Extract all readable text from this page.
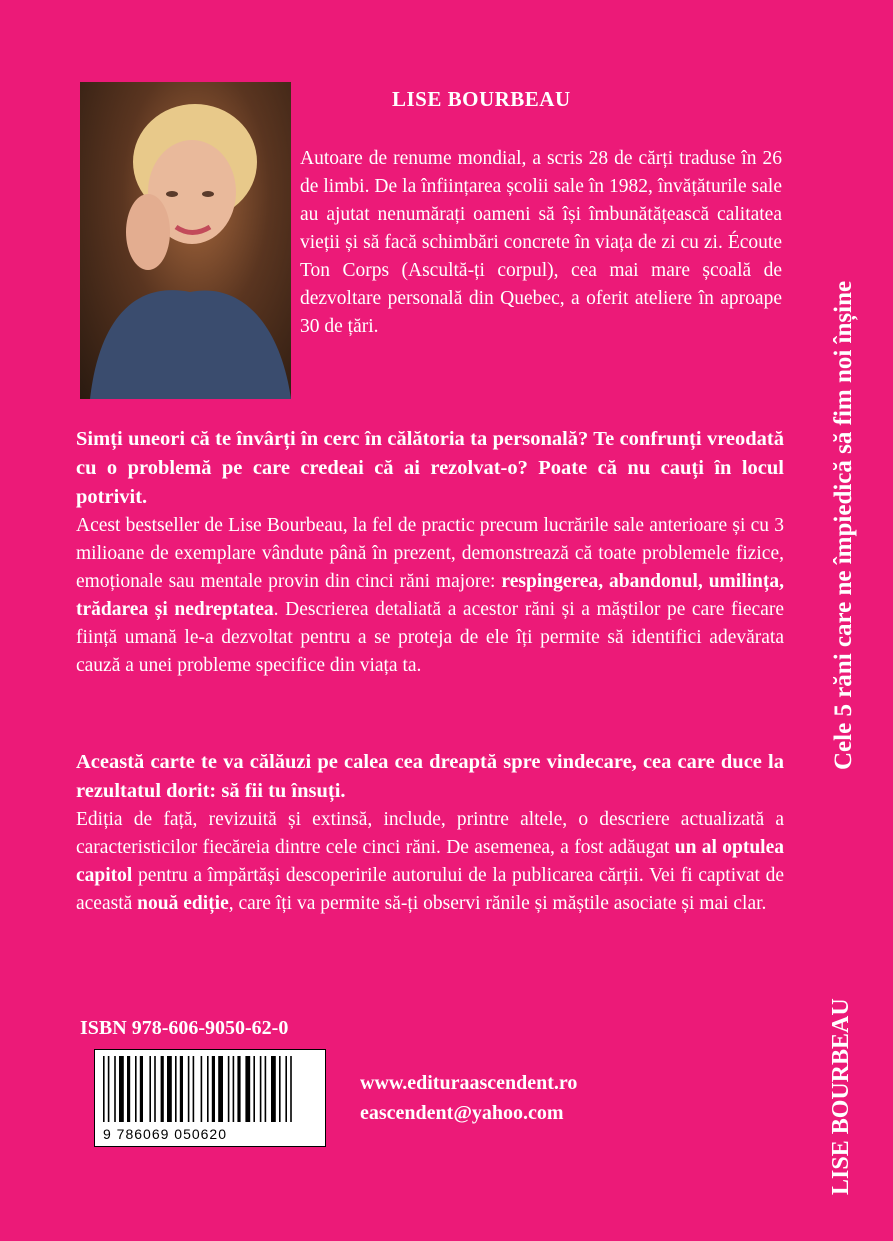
LISE BOURBEAU

Autoare de renume mondial, a scris 28 de cărți traduse în 26 de limbi. De la înființarea școlii sale în 1982, învățăturile sale au ajutat nenumărați oameni să își îmbunătățească calitatea vieții și să facă schimbări concrete în viața de zi cu zi. Écoute Ton Corps (Ascultă-ți corpul), cea mai mare școală de dezvoltare personală din Quebec, a oferit ateliere în aproape 30 de țări.

Simți uneori că te învârți în cerc în călătoria ta personală? Te confrunți vreodată cu o problemă pe care credeai că ai rezolvat-o? Poate că nu cauți în locul potrivit.
Acest bestseller de Lise Bourbeau, la fel de practic precum lucrările sale anterioare și cu 3 milioane de exemplare vândute până în prezent, demonstrează că toate problemele fizice, emoționale sau mentale provin din cinci răni majore: respingerea, abandonul, umilința, trădarea și nedreptatea. Descrierea detaliată a acestor răni și a măștilor pe care fiecare ființă umană le-a dezvoltat pentru a se proteja de ele îți permite să identifici adevărata cauză a unei probleme specifice din viața ta.

Această carte te va călăuzi pe calea cea dreaptă spre vindecare, cea care duce la rezultatul dorit: să fii tu însuți.
Ediția de față, revizuită și extinsă, include, printre altele, o descriere actualizată a caracteristicilor fiecăreia dintre cele cinci răni. De asemenea, a fost adăugat un al optulea capitol pentru a împărtăși descoperirile autorului de la publicarea cărții. Vei fi captivat de această nouă ediție, care îți va permite să-ți observi rănile și măștile asociate și mai clar.

ISBN 978-606-9050-62-0
9 786069 050620
www.edituraascendent.ro
eascendent@yahoo.com
Cele 5 răni care ne împiedică să fim noi înșine
LISE BOURBEAU
